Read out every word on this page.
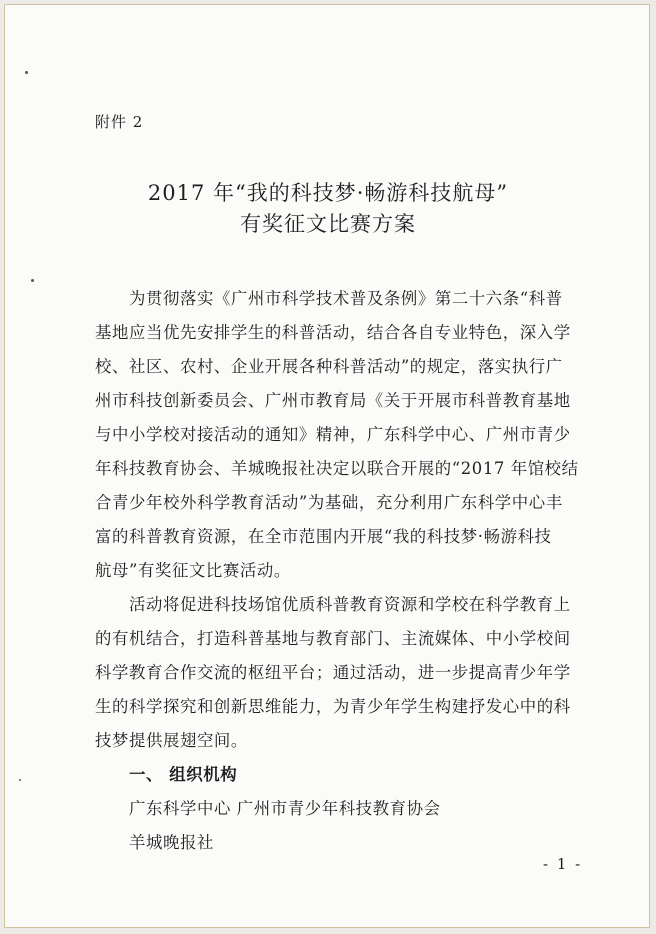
附件 2
2017 年“我的科技梦·畅游科技航母”
有奖征文比赛方案
为贯彻落实《广州市科学技术普及条例》第二十六条“科普
基地应当优先安排学生的科普活动，结合各自专业特色，深入学
校、社区、农村、企业开展各种科普活动”的规定，落实执行广
州市科技创新委员会、广州市教育局《关于开展市科普教育基地
与中小学校对接活动的通知》精神，广东科学中心、广州市青少
年科技教育协会、羊城晚报社决定以联合开展的“2017 年馆校结
合青少年校外科学教育活动”为基础，充分利用广东科学中心丰
富的科普教育资源，在全市范围内开展“我的科技梦·畅游科技
航母”有奖征文比赛活动。
活动将促进科技场馆优质科普教育资源和学校在科学教育上
的有机结合，打造科普基地与教育部门、主流媒体、中小学校间
科学教育合作交流的枢纽平台；通过活动，进一步提高青少年学
生的科学探究和创新思维能力，为青少年学生构建抒发心中的科
技梦提供展翅空间。
一、 组织机构
广东科学中心 广州市青少年科技教育协会
羊城晚报社
- 1 -
